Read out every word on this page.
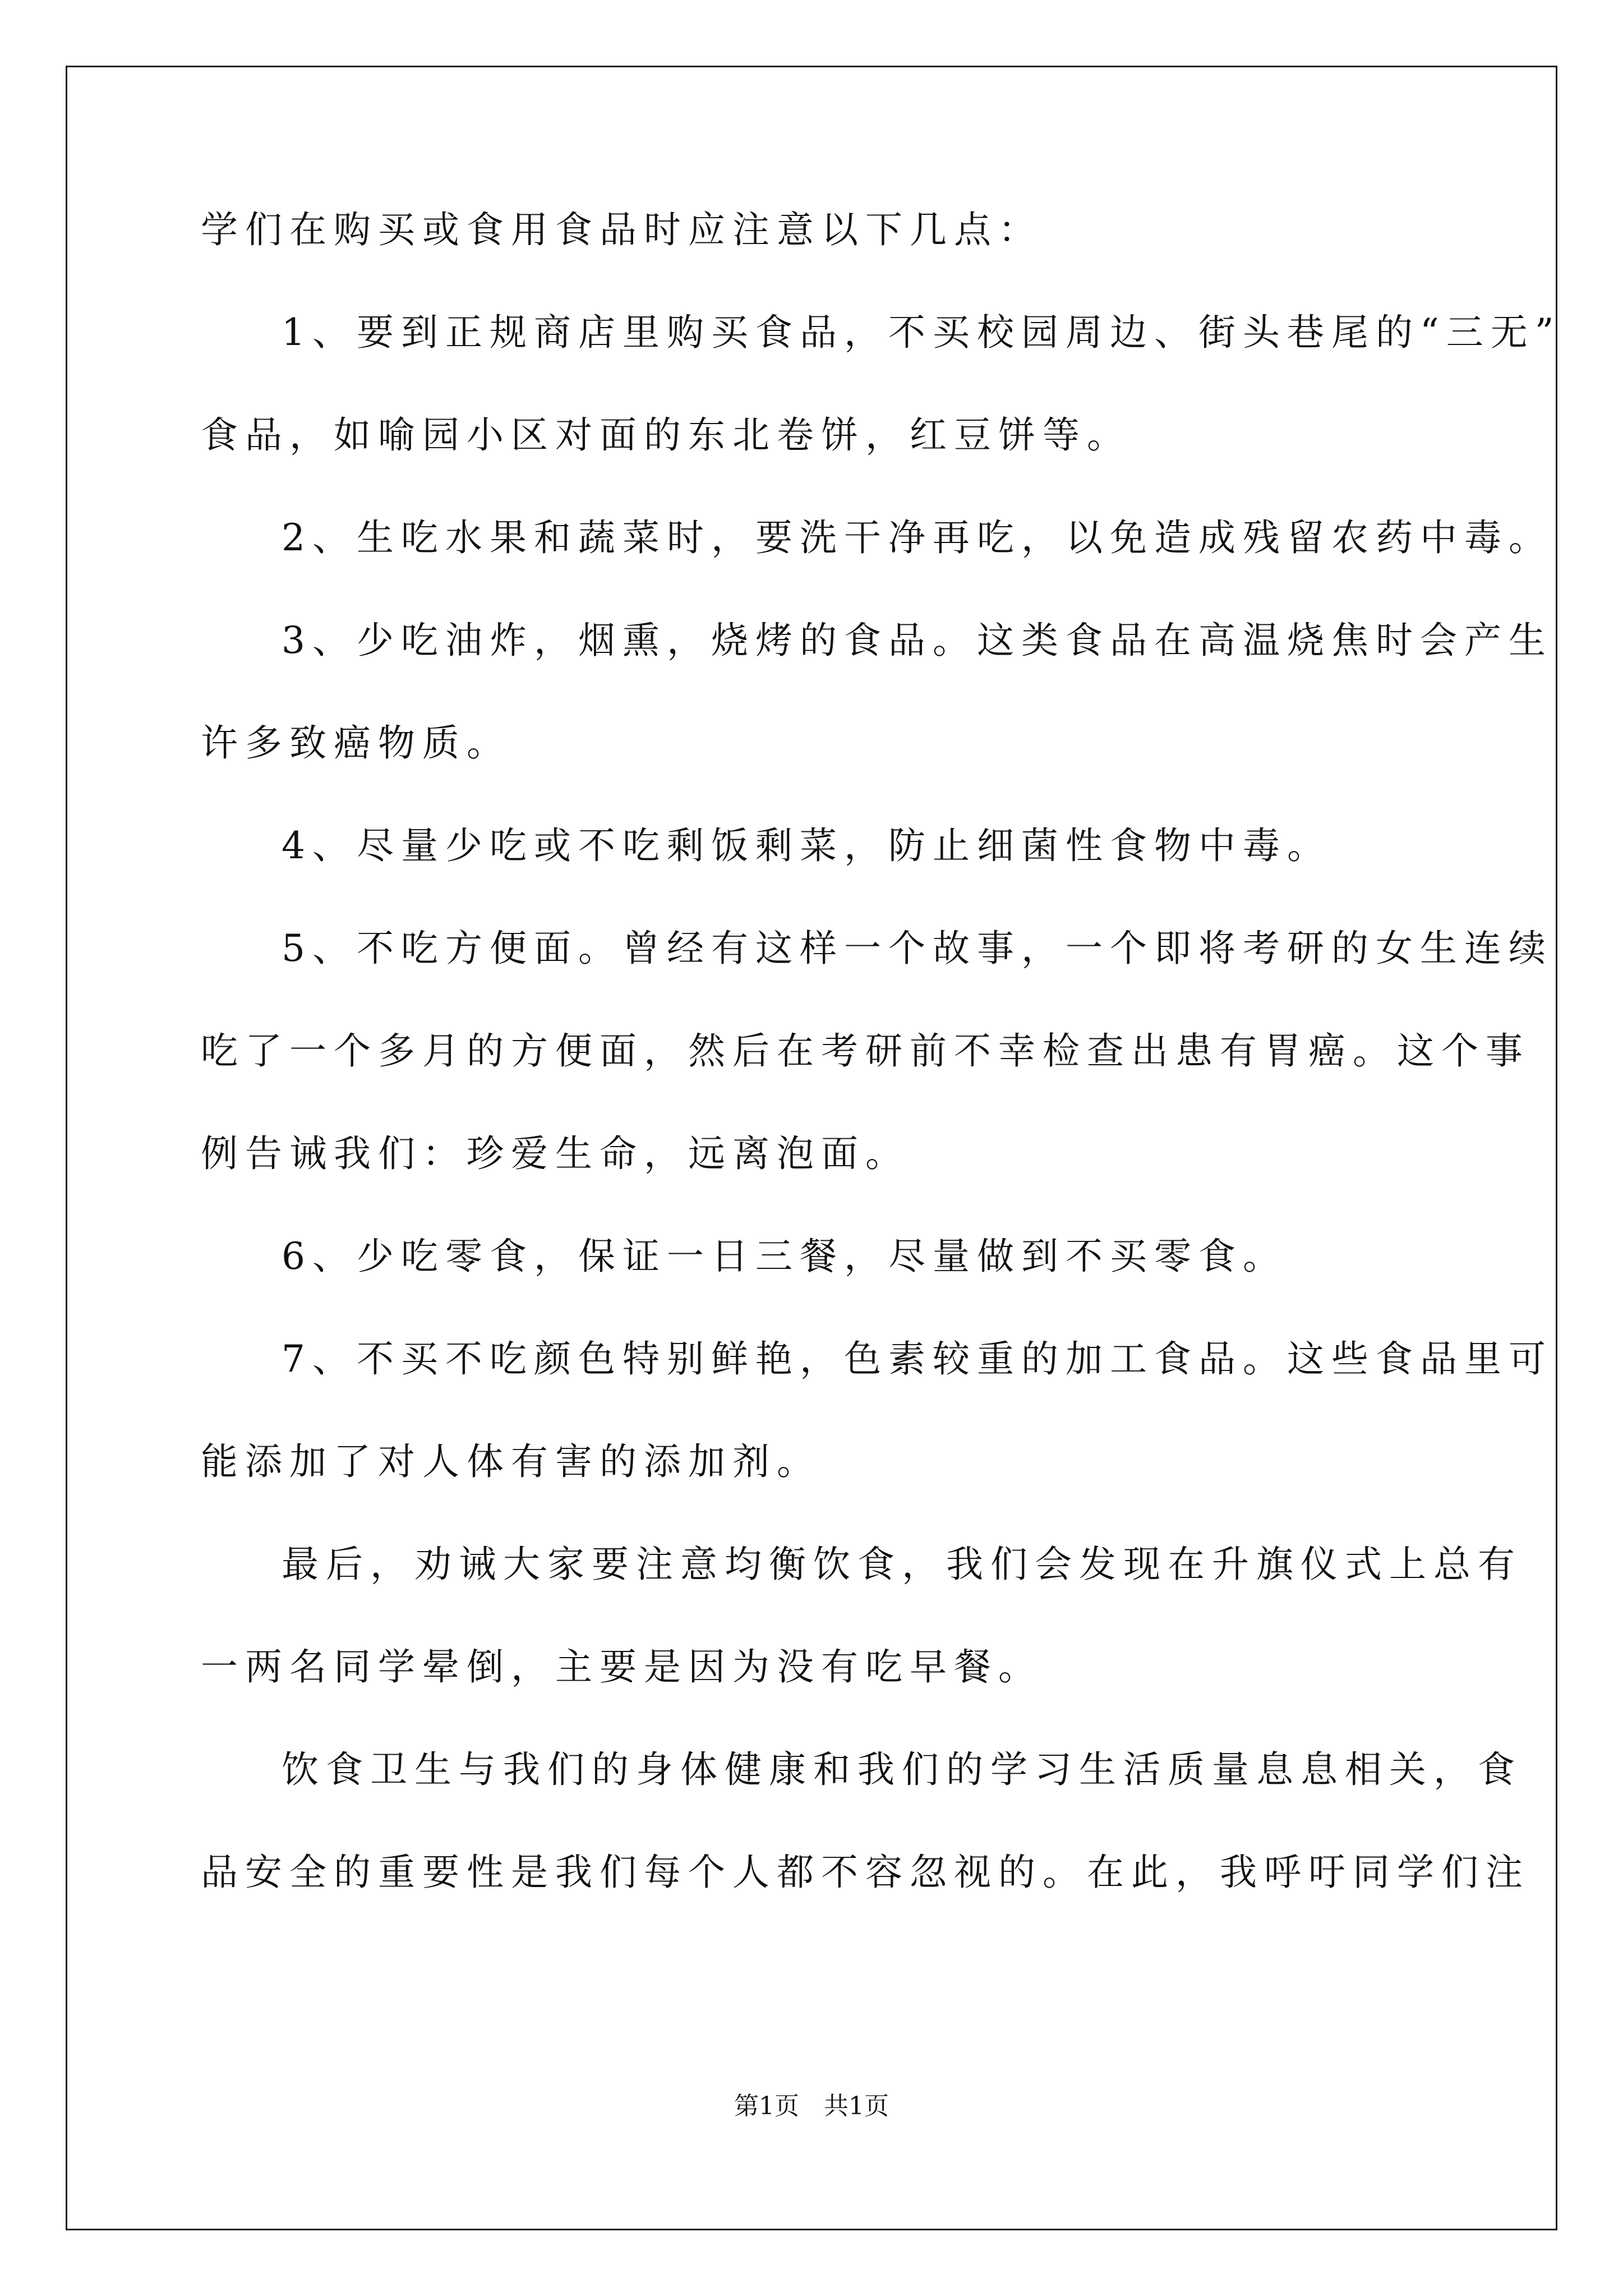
学们在购买或食用食品时应注意以下几点：
1、要到正规商店里购买食品，不买校园周边、街头巷尾的“三无”
食品，如喻园小区对面的东北卷饼，红豆饼等。
2、生吃水果和蔬菜时，要洗干净再吃，以免造成残留农药中毒。
3、少吃油炸，烟熏，烧烤的食品。这类食品在高温烧焦时会产生
许多致癌物质。
4、尽量少吃或不吃剩饭剩菜，防止细菌性食物中毒。
5、不吃方便面。曾经有这样一个故事，一个即将考研的女生连续
吃了一个多月的方便面，然后在考研前不幸检查出患有胃癌。这个事
例告诫我们：珍爱生命，远离泡面。
6、少吃零食，保证一日三餐，尽量做到不买零食。
7、不买不吃颜色特别鲜艳，色素较重的加工食品。这些食品里可
能添加了对人体有害的添加剂。
最后，劝诫大家要注意均衡饮食，我们会发现在升旗仪式上总有
一两名同学晕倒，主要是因为没有吃早餐。
饮食卫生与我们的身体健康和我们的学习生活质量息息相关，食
品安全的重要性是我们每个人都不容忽视的。在此，我呼吁同学们注
第1页　共1页
